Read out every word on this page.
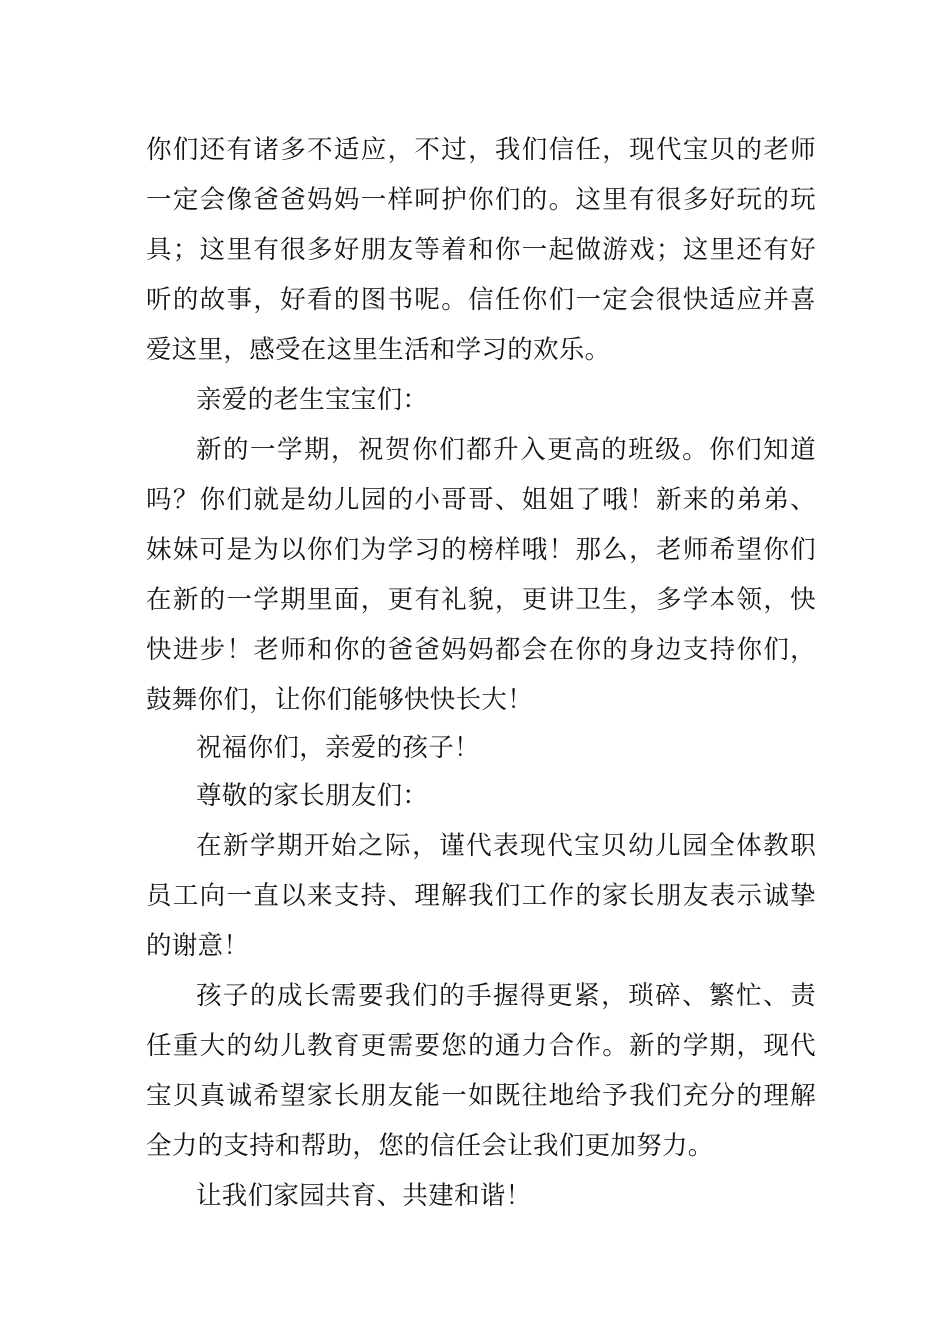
你们还有诸多不适应，不过，我们信任，现代宝贝的老师
一定会像爸爸妈妈一样呵护你们的。这里有很多好玩的玩
具；这里有很多好朋友等着和你一起做游戏；这里还有好
听的故事，好看的图书呢。信任你们一定会很快适应并喜
爱这里，感受在这里生活和学习的欢乐。
亲爱的老生宝宝们：
新的一学期，祝贺你们都升入更高的班级。你们知道
吗？你们就是幼儿园的小哥哥、姐姐了哦！新来的弟弟、
妹妹可是为以你们为学习的榜样哦！那么，老师希望你们
在新的一学期里面，更有礼貌，更讲卫生，多学本领，快
快进步！老师和你的爸爸妈妈都会在你的身边支持你们，
鼓舞你们，让你们能够快快长大！
祝福你们，亲爱的孩子！
尊敬的家长朋友们：
在新学期开始之际，谨代表现代宝贝幼儿园全体教职
员工向一直以来支持、理解我们工作的家长朋友表示诚挚
的谢意！
孩子的成长需要我们的手握得更紧，琐碎、繁忙、责
任重大的幼儿教育更需要您的通力合作。新的学期，现代
宝贝真诚希望家长朋友能一如既往地给予我们充分的理解
全力的支持和帮助，您的信任会让我们更加努力。
让我们家园共育、共建和谐！
